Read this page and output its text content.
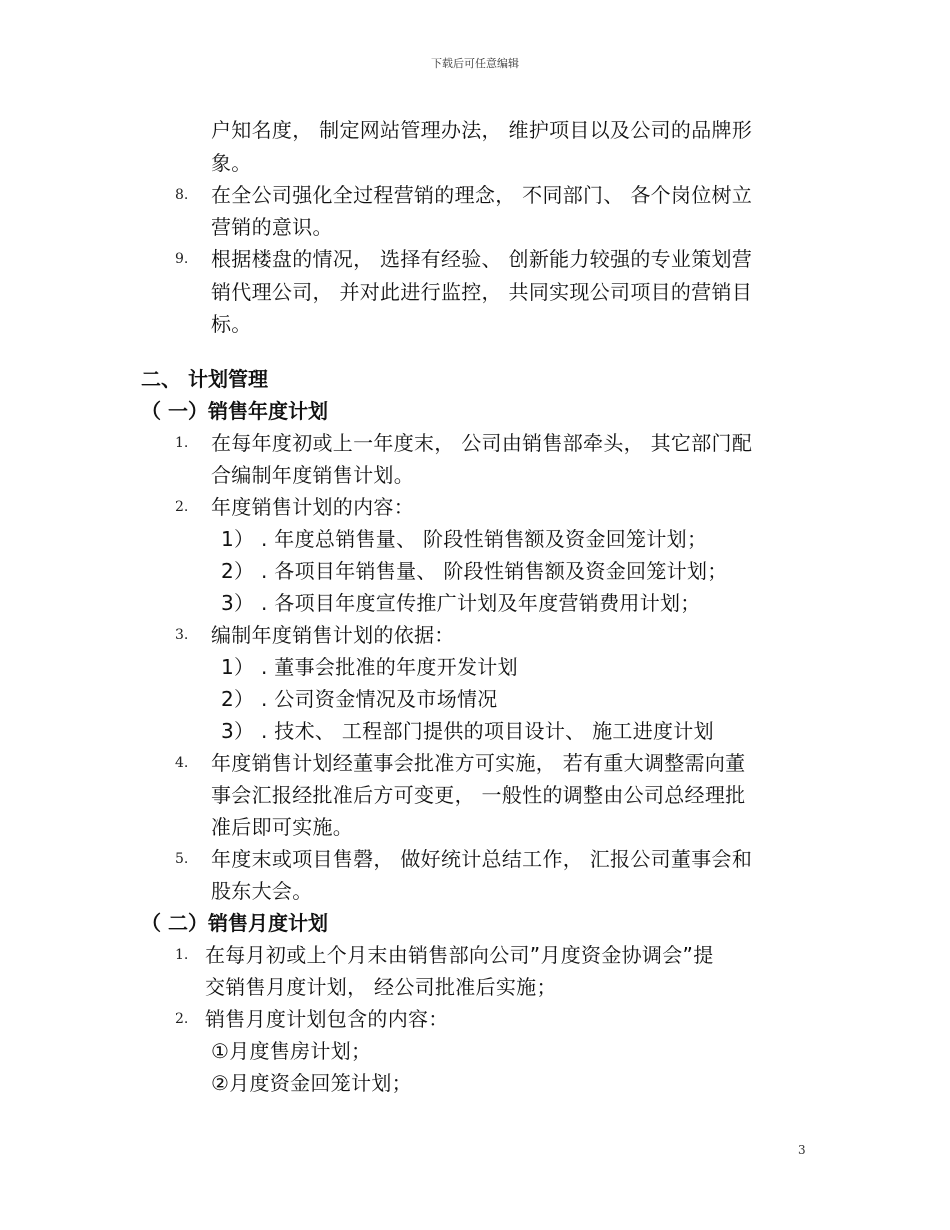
下载后可任意编辑
户知名度， 制定网站管理办法， 维护项目以及公司的品牌形
象。
8. 在全公司强化全过程营销的理念， 不同部门、 各个岗位树立
营销的意识。
9. 根据楼盘的情况， 选择有经验、 创新能力较强的专业策划营
销代理公司， 并对此进行监控， 共同实现公司项目的营销目
标。
二、 计划管理
（ 一）销售年度计划
1. 在每年度初或上一年度末， 公司由销售部牵头， 其它部门配
合编制年度销售计划。
2. 年度销售计划的内容：
1） . 年度总销售量、 阶段性销售额及资金回笼计划；
2） . 各项目年销售量、 阶段性销售额及资金回笼计划；
3） . 各项目年度宣传推广计划及年度营销费用计划；
3. 编制年度销售计划的依据：
1） . 董事会批准的年度开发计划
2） . 公司资金情况及市场情况
3） . 技术、 工程部门提供的项目设计、 施工进度计划
4. 年度销售计划经董事会批准方可实施， 若有重大调整需向董
事会汇报经批准后方可变更， 一般性的调整由公司总经理批
准后即可实施。
5. 年度末或项目售磬， 做好统计总结工作， 汇报公司董事会和
股东大会。
（ 二）销售月度计划
1. 在每月初或上个月末由销售部向公司”月度资金协调会”提
交销售月度计划， 经公司批准后实施；
2. 销售月度计划包含的内容：
①月度售房计划；
②月度资金回笼计划；
3
